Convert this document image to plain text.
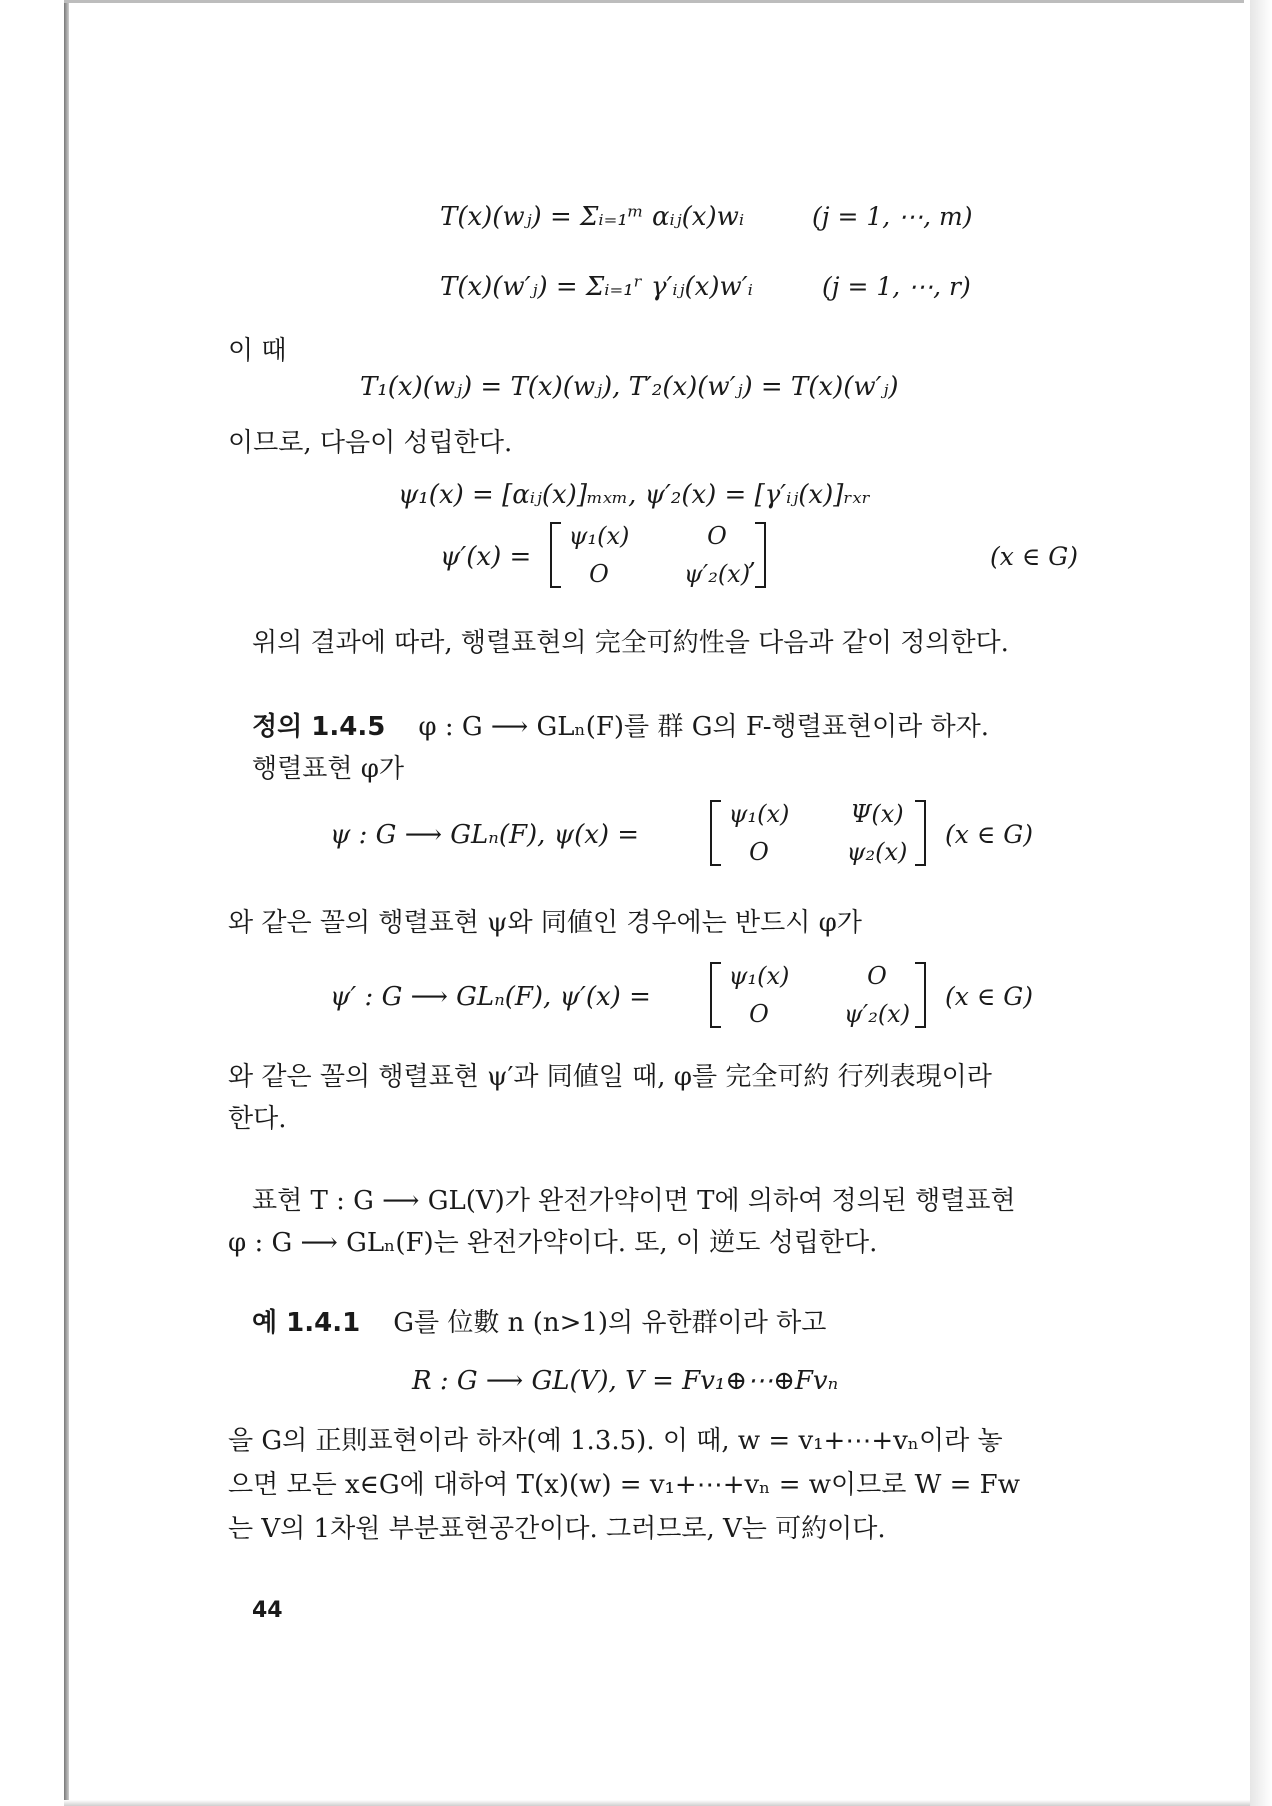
T(x)(wⱼ) = Σᵢ₌₁ᵐ αᵢⱼ(x)wᵢ	(j = 1, ⋯, m)
T(x)(w′ⱼ) = Σᵢ₌₁ʳ γ′ᵢⱼ(x)w′ᵢ	(j = 1, ⋯, r)
이 때
T₁(x)(wⱼ) = T(x)(wⱼ), T′₂(x)(w′ⱼ) = T(x)(w′ⱼ)
이므로, 다음이 성립한다.
ψ₁(x) = [αᵢⱼ(x)]ₘₓₘ, ψ′₂(x) = [γ′ᵢⱼ(x)]ᵣₓᵣ
ψ′(x) =
ψ₁(x)	O
O	ψ′₂(x)
,	(x ∈ G)
위의 결과에 따라, 행렬표현의 完全可約性을 다음과 같이 정의한다.
정의 1.4.5 φ : G ⟶ GLₙ(F)를 群 G의 F-행렬표현이라 하자.
행렬표현 φ가
ψ : G ⟶ GLₙ(F), ψ(x) =
ψ₁(x)	Ψ(x)
O	ψ₂(x)
(x ∈ G)
와 같은 꼴의 행렬표현 ψ와 同値인 경우에는 반드시 φ가
ψ′ : G ⟶ GLₙ(F), ψ′(x) =
ψ₁(x)	O
O	ψ′₂(x)
(x ∈ G)
와 같은 꼴의 행렬표현 ψ′과 同値일 때, φ를 完全可約 行列表現이라
한다.
표현 T : G ⟶ GL(V)가 완전가약이면 T에 의하여 정의된 행렬표현
φ : G ⟶ GLₙ(F)는 완전가약이다. 또, 이 逆도 성립한다.
예 1.4.1 G를 位數 n (n>1)의 유한群이라 하고
R : G ⟶ GL(V), V = Fv₁⊕⋯⊕Fvₙ
을 G의 正則표현이라 하자(예 1.3.5). 이 때, w = v₁+⋯+vₙ이라 놓
으면 모든 x∈G에 대하여 T(x)(w) = v₁+⋯+vₙ = w이므로 W = Fw
는 V의 1차원 부분표현공간이다. 그러므로, V는 可約이다.
44
